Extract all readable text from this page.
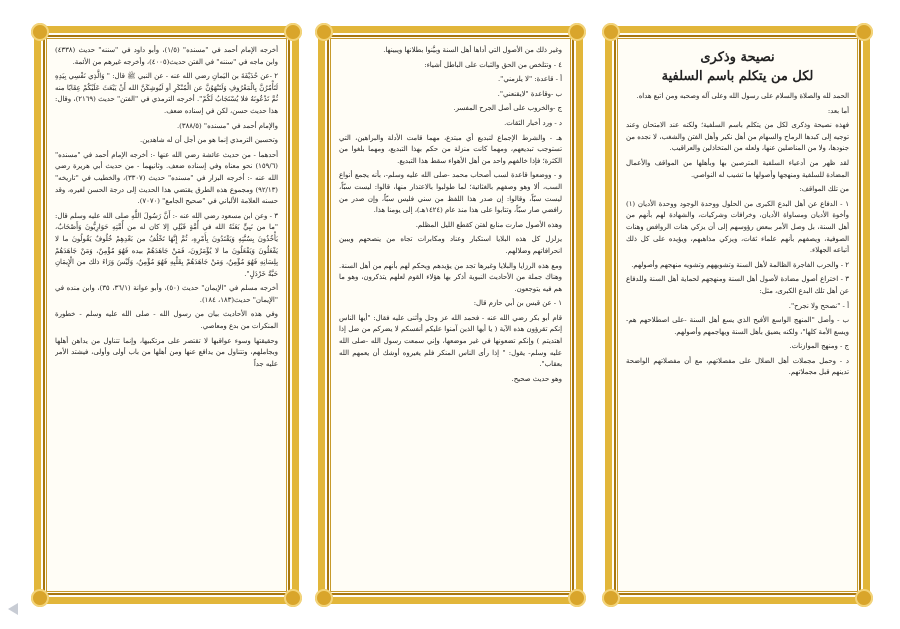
أخرجه الإمام أحمد في "مسنده" (١/٥)، وأبو داود في "سننه" حديث (٤٣٣٨) وابن ماجه في "سننه" في الفتن حديث(٤٠٠٥)، وأخرجه غيرهم من الأئمة.

٢ -عن حُذَيْفَةَ بن اليَمانِ رضي الله عنه - عن النبي ﷺ قال: " وَالَّذِي نَفْسِي بِيَدِهِ لَتَأْمُرُنَّ بِالْمَعْرُوفِ وَلَتَنْهَوُنَّ عن الْمُنْكَرِ أو لَيُوشِكَنَّ الله أَنْ يَبْعَثَ عَلَيْكُمْ عِقَابًا منه ثُمَّ تَدْعُونَهُ فلا يُسْتَجَابُ لَكُمْ". أخرجه الترمذي في "الفتن" حديث (٢١٦٩)، وقال: هذا حديث حسن، لكن في إسناده ضعف.

والإمام أحمد في "مسنده" (٣٨٨/٥).

وتحسين الترمذي إنما هو من أجل أن له شاهدين.

أحدهما - من حديث عائشة رضي الله عنها -: أخرجه الإمام أحمد في "مسنده" (١٥٩/٦) نحو معناه وفي إسناده ضعف. وثانيهما - من حديث أبي هريرة رضي الله عنه -: أخرجه البزار في "مسنده" حديث (٣٣٠٧)، والخطيب في "تاريخه" (٩٢/١٣) ومجموع هذه الطرق يقتضي هذا الحديث إلى درجة الحسن لغيره، وقد حسنه العلامة الألباني في "صحيح الجامع" (٧٠٧٠).

٣ - وعن ابن مسعود رضي الله عنه -: أَنَّ رَسُولَ اللَّهِ صلى الله عليه وسلم قال: "ما من نَبِيٍّ بَعَثَهُ الله في أُمَّةٍ قَبْلِي إلا كان له من أُمَّتِهِ حَوَارِيُّونَ وَأَصْحَابٌ، يَأْخُذُونَ بِسُنَّتِهِ وَيَقْتَدُونَ بِأَمْرِهِ، ثُمَّ إِنَّهَا تَخْلُفُ من بَعْدِهِمْ خُلُوفٌ يَقُولُونَ ما لا يَفْعَلُونَ وَيَفْعَلُونَ ما لا يُؤْمَرُونَ، فَمَنْ جَاهَدَهُمْ بيده فَهُوَ مُؤْمِنٌ، وَمَنْ جَاهَدَهُمْ بِلِسَانِهِ فَهُوَ مُؤْمِنٌ، وَمَنْ جَاهَدَهُمْ بِقَلْبِهِ فَهُوَ مُؤْمِنٌ، وَلَيْسَ وَرَاءَ ذلك من الْإِيمَانِ حَبَّةُ خَرْدَلٍ".

أخرجه مسلم في "الإيمان" حديث (٥٠)، وأبو عوانة (٣٦/١، ٣٥)، وابن منده في "الإيمان" حديث(١٨٣، ١٨٤).

وفي هذه الأحاديث بيان من رسول الله - صلى الله عليه وسلم - خطورة المنكرات من بدع ومعاصي.

وحقيقتها وسوء عواقبها لا تقتصر على مرتكبيها، وإنما تتناول من يداهن أهلها وبجاملهم، وتتناول من يدافع عنها ومن أهلها من باب أولى وأولى، فيشتد الأمر عليه جداً

وغير ذلك من الأصول التي أداها أهل السنة وبيَّنوا بطلانها ويبينها.

٤ - وتتلخص من الحق والثبات على الباطل أشياء:

أ - قاعدة: "لا يلزمني".

ب -وقاعدة "لايقنعني".

ج -والخروب على أصل الجرح المفسر.

د - ورد أخبار الثقات.

هـ - والشرط الإجماع لتبديع أي مبتدع، مهما قامت الأدلة والبراهين، التي تستوجب تبديعهم، ومهما كانت منزلة من حكم بهذا التبديع، ومهما بلغوا من الكثرة؛ فإذا خالفهم واحد من أهل الأهواء سقط هذا التبديع.

و - ووضعوا قاعدة لسب أصحاب محمد -صلى الله عليه وسلم-، بأنه يجمع أنواع السب، ألا وهو وصفهم بالغثائية؛ لما طولبوا بالاعتذار منها، قالوا: ليست سبّاً، ليست سبّاً، وقالوا: إن صدر هذا اللفظ من سني فليس سبّاً، وإن صدر من رافضي صار سبّاً، وتتابوا على هذا منذ عام (١٤٢٤هـ)، إلى يومنا هذا.

وهذه الأصول صارت منابع لفتن كقطع الليل المظلم.

يزلزل كل هذه البلايا استكبار وعناد ومكابرات تجاه من ينصحهم ويبين انحرافاتهم وضلالهم.

ومع هذه الرزايا والبلايا وغيرها تجد من يؤيدهم ويحكم لهم بأنهم من أهل السنة. وهناك جملة من الأحاديث النبوية أذكر بها هؤلاء القوم لعلهم يتذكرون، وهو ما هم فيه يتوجعون.

١ - عن قيس بن أبي حازم قال:

قام أبو بكر رضي الله عنه - فحمد الله عز وجل وأثنى عليه فقال: "أيها الناس إنكم تقرؤون هذه الآية ( يا أيها الذين آمنوا عليكم أنفسكم لا يضركم من ضل إذا اهتديتم ) وإنكم تضعونها في غير موضعها، وإني سمعت رسول الله -صلى الله عليه وسلم- يقول: " إذا رأى الناس المنكر فلم يغيروه أوشك أن يعمهم الله بعقاب".

وهو حديث صحيح.

نصيحة وذكرى
لكل من يتكلم باسم السلفية

الحمد لله والصلاة والسلام على رسول الله وعلى آله وصحبه ومن اتبع هداه.

أما بعد:

فهذه نصيحة وذكرى لكل من يتكلم باسم السلفية؛ ولكنه عند الامتحان وعند توجيه إلى كبدها الرماح والسهام من أهل نكير وأهل الفتن والشغب، لا نجده من جنودها، ولا من المناضلين عنها، ولعله من المتخاذلين والعراقيب.

لقد ظهر من أدعياء السلفية المترصين بها وبأهلها من المواقف والأعمال المضادة للسلفية ومنهجها وأصولها ما تشيب له النواصي.

من تلك المواقف:

١ - الدفاع عن أهل البدع الكبرى من الحلول ووحدة الوجود ووحدة الأديان (١) وأخوة الأديان ومساواة الأديان، وخرافات وشركيات، والشهادة لهم بأنهم من أهل السنة، بل وصل الأمر ببعض رؤوسهم إلى أن يزكي هنات الروافض وهنات الصوفية، ويصفهم بأنهم علماء ثقات، ويزكي مذاهبهم، ويؤيده على كل ذلك أتباعه الجهلاء.

٢ - والحرب الفاجرة الظالمة لأهل السنة وتشويههم وتشويه منهجهم وأصولهم.

٣ - اختراع أصول مضادة لأصول أهل السنة ومنهجهم لحماية أهل السنة وللدفاع عن أهل تلك البدع الكبرى، مثل:

أ - "نصحح ولا نجرح".

ب - وأصل "المنهج الواسع الأفيح الذي يسع أهل السنة -على اصطلاحهم هم- ويسع الأمة كلها"، ولكنه يضيق بأهل السنة ويهاجمهم وأصولهم.

ج - ومنهج الموازنات.

د - وحمل مجملات أهل الضلال على مفصلاتهم، مع أن مفصلاتهم الواضحة تدينهم قبل مجملاتهم.
